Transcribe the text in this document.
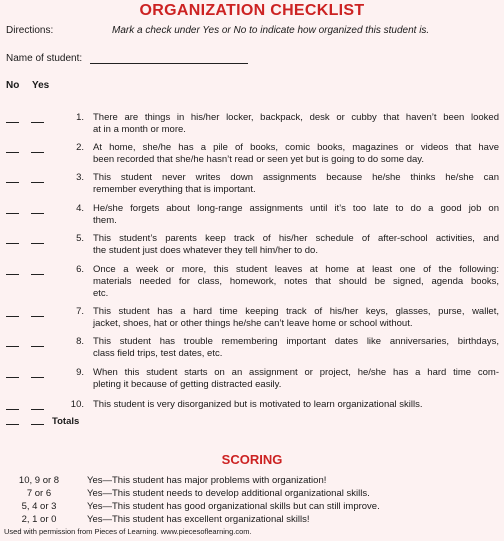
ORGANIZATION CHECKLIST
Directions:	Mark a check under Yes or No to indicate how organized this student is.
Name of student:
No Yes
1. There are things in his/her locker, backpack, desk or cubby that haven’t been looked
at in a month or more.
2. At home, she/he has a pile of books, comic books, magazines or videos that have
been recorded that she/he hasn’t read or seen yet but is going to do some day.
3. This student never writes down assignments because he/she thinks he/she can
remember everything that is important.
4. He/she forgets about long-range assignments until it’s too late to do a good job on
them.
5. This student’s parents keep track of his/her schedule of after-school activities, and
the student just does whatever they tell him/her to do.
6. Once a week or more, this student leaves at home at least one of the following:
materials needed for class, homework, notes that should be signed, agenda books,
etc.
7. This student has a hard time keeping track of his/her keys, glasses, purse, wallet,
jacket, shoes, hat or other things he/she can’t leave home or school without.
8. This student has trouble remembering important dates like anniversaries, birthdays,
class field trips, test dates, etc.
9. When this student starts on an assignment or project, he/she has a hard time com-
pleting it because of getting distracted easily.
10. This student is very disorganized but is motivated to learn organizational skills.
Totals
SCORING
10, 9 or 8	Yes—This student has major problems with organization!
7 or 6	Yes—This student needs to develop additional organizational skills.
5, 4 or 3	Yes—This student has good organizational skills but can still improve.
2, 1 or 0	Yes—This student has excellent organizational skills!
Used with permission from Pieces of Learning. www.piecesoflearning.com.
